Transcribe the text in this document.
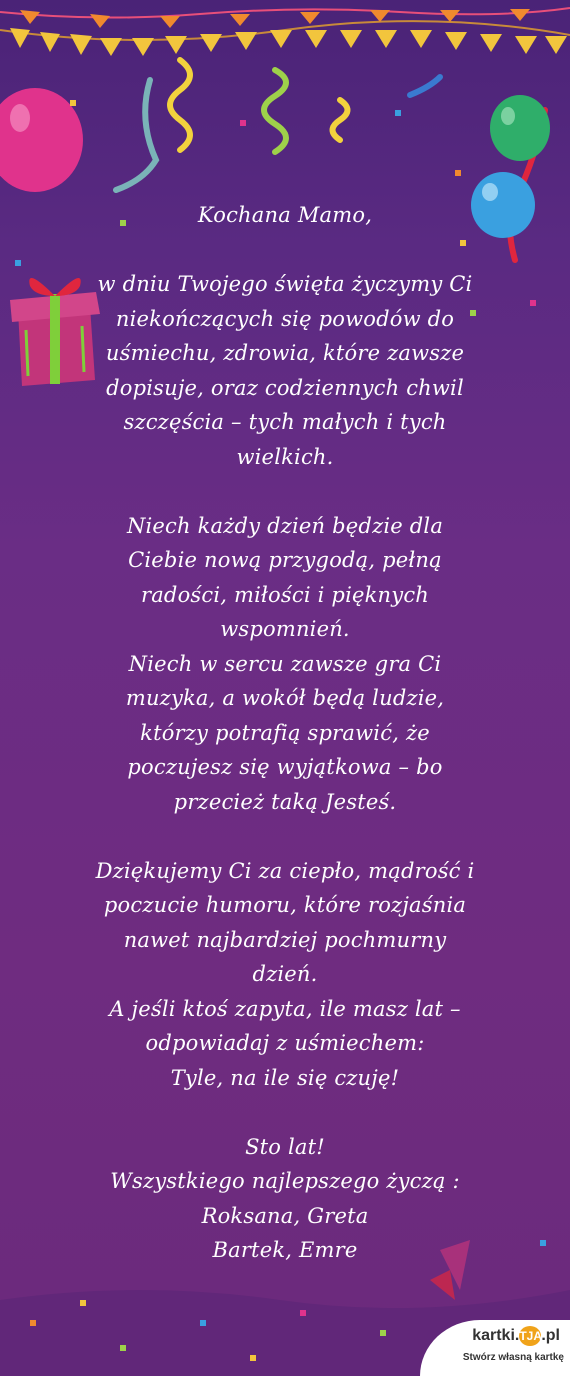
Kochana Mamo,

w dniu Twojego święta życzymy Ci

niekończących się powodów do

uśmiechu, zdrowia, które zawsze

dopisuje, oraz codziennych chwil

szczęścia – tych małych i tych

wielkich.

Niech każdy dzień będzie dla

Ciebie nową przygodą, pełną

radości, miłości i pięknych

wspomnień.

Niech w sercu zawsze gra Ci

muzyka, a wokół będą ludzie,

którzy potrafią sprawić, że

poczujesz się wyjątkowa – bo

przecież taką Jesteś.

Dziękujemy Ci za ciepło, mądrość i

poczucie humoru, które rozjaśnia

nawet najbardziej pochmurny

dzień.

A jeśli ktoś zapyta, ile masz lat –

odpowiadaj z uśmiechem:

Tyle, na ile się czuję!

Sto lat!

Wszystkiego najlepszego życzą :

Roksana, Greta

Bartek, Emre

kartki.TJA.pl
Stwórz własną kartkę
